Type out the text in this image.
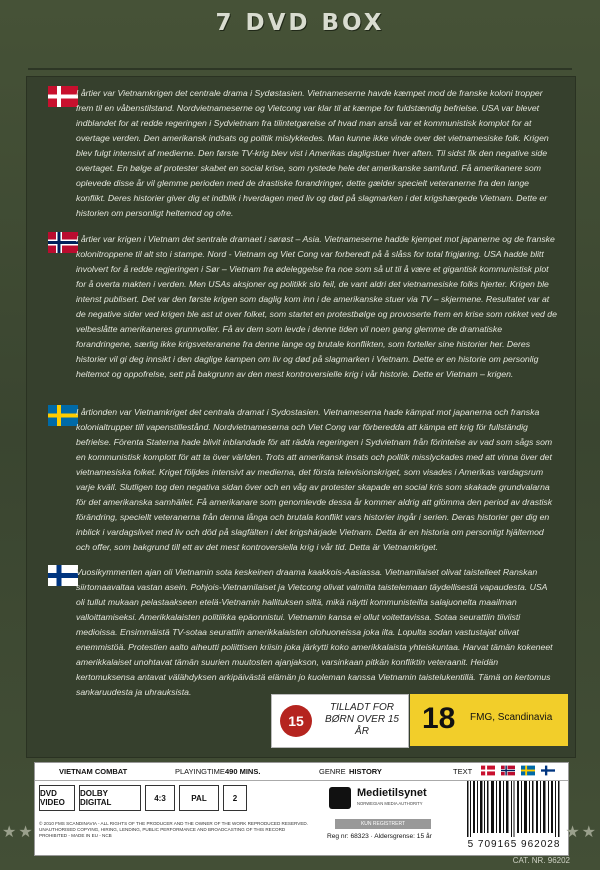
7 DVD BOX
I årtier var Vietnamkrigen det centrale drama i Sydøstasien. Vietnameserne havde kæmpet mod de franske koloni tropper frem til en våbenstilstand. Nordvietnameserne og Vietcong var klar til at kæmpe for fuldstændig befrielse. USA var blevet indblandet for at redde regeringen i Sydvietnam fra tilintetgørelse of hvad man anså var et kommunistisk komplot for at overtage verden. Den amerikansk indsats og politik mislykkedes. Man kunne ikke vinde over det vietnamesiske folk. Krigen blev fulgt intensivt af medierne. Den første TV-krig blev vist i Amerikas dagligstuer hver aften. Til sidst fik den negative side overtaget. En bølge af protester skabet en social krise, som rystede hele det amerikanske samfund. Få amerikanere som oplevede disse år vil glemme perioden med de drastiske forandringer, dette gælder specielt veteranerne fra den lange konflikt. Deres historier giver dig et indblik i hverdagen med liv og død på slagmarken i det krigshærgede Vietnam. Dette er historien om personligt heltemod og ofre.
I årtier var krigen i Vietnam det sentrale dramaet i sørøst – Asia. Vietnameserne hadde kjempet mot japanerne og de franske kolonitroppene til alt sto i stampe. Nord - Vietnam og Viet Cong var forberedt på å slåss for total frigjøring. USA hadde blitt involvert for å redde regjeringen i Sør – Vietnam fra ødeleggelse fra noe som så ut til å være et gigantisk kommunistisk plot for å overta makten i verden. Men USAs aksjoner og politikk slo feil, de vant aldri det vietnamesiske folks hjerter. Krigen ble intenst publisert. Det var den første krigen som daglig kom inn i de amerikanske stuer via TV – skjermene. Resultatet var at de negative sider ved krigen ble ast ut over folket, som startet en protestbølge og provoserte frem en krise som rokket ved de velbeslåtte amerikaneres grunnvoller. Få av dem som levde i denne tiden vil noen gang glemme de dramatiske forandringene, særlig ikke krigsveteranene fra denne lange og brutale konflikten, som forteller sine historier her. Deres historier vil gi deg innsikt i den daglige kampen om liv og død på slagmarken i Vietnam. Dette er en historie om personlig heltemot og oppofrelse, sett på bakgrunn av den mest kontroversielle krig i vår historie. Dette er Vietnam – krigen.
I årtionden var Vietnamkriget det centrala dramat i Sydostasien. Vietnameserna hade kämpat mot japanerna och franska kolonialtrupper till vapenstillestånd. Nordvietnameserna och Viet Cong var förberedda att kämpa ett krig för fullständig befrielse. Förenta Staterna hade blivit inblandade för att rädda regeringen i Sydvietnam från förintelse av vad som sågs som en kommunistisk komplott för att ta över världen. Trots att amerikansk insats och politik misslyckades med att vinna över det vietnamesiska folket. Kriget följdes intensivt av medierna, det första televisionskriget, som visades i Amerikas vardagsrum varje kväll. Slutligen tog den negativa sidan över och en våg av protester skapade en social kris som skakade grundvalarna för det amerikanska samhället. Få amerikanare som genomlevde dessa år kommer aldrig att glömma den period av drastisk förändring, speciellt veteranerna från denna långa och brutala konflikt vars historier ingår i serien. Deras historier ger dig en inblick i vardagslivet med liv och död på slagfälten i det krigshärjade Vietnam. Detta är en historia om personligt hjältemod och offer, som bakgrund till ett av det mest kontroversiella krig i vår tid. Detta är Vietnamkriget.
Vuosikymmenten ajan oli Vietnamin sota keskeinen draama kaakkois-Aasiassa. Vietnamilaiset olivat taistelleet Ranskan siirtomaavaltaa vastan asein. Pohjois-Vietnamilaiset ja Vietcong olivat valmiita taistelemaan täydellisestä vapaudesta. USA oli tullut mukaan pelastaakseen etelä-Vietnamin hallituksen siltä, mikä näytti kommunisteilta salajuonelta maailman valloittamiseksi. Amerikkalaisten politiikka epäonnistui. Vietnamin kansa ei ollut voitettavissa. Sotaa seurattiin tiiviisti medioissa. Ensimmäistä TV-sotaa seurattiin amerikkalaisten olohuoneissa joka ilta. Lopulta sodan vastustajat olivat enemmistöä. Protestien aalto aiheutti poliittisen kriisin joka järkytti koko amerikkalaista yhteiskuntaa. Harvat tämän kokeneet amerikkalaiset unohtavat tämän suurien muutosten ajanjakson, varsinkaan pitkän konfliktin veteraanit. Heidän kertomuksensa antavat välähdyksen arkipäivästä elämän jo kuoleman kanssa Vietnamin taistelukentillä. Tämä on kertomus sankaruudesta ja uhrauksista.
15
TILLADT FOR BØRN OVER 15 ÅR	18 FMG, Scandinavia
VIETNAM COMBAT	PLAYINGTIME 490 MINS.	GENRE HISTORY	TEXT
DVD VIDEO
DOLBY DIGITAL	4:3	PAL	2
© 2010 FMS SCANDINAVIA - ALL RIGHTS OF THE PRODUCER AND THE OWNER OF THE WORK REPRODUCED RESERVED. UNAUTHORISED COPYING, HIRING, LENDING, PUBLIC PERFORMANCE AND BROADCASTING OF THIS RECORD PROHIBITED - MADE IN EU - NCB
Medietilsynet
NORWEGIAN MEDIA AUTHORITY
KUN REGISTRERT
Reg nr: 68323 · Aldersgrense: 15 år
5 709165 962028
★★	★★
CAT. NR. 96202
